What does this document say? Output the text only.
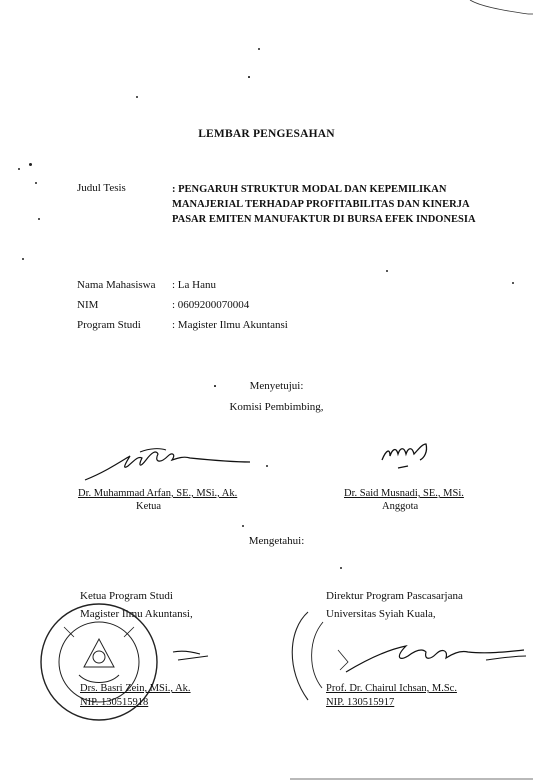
LEMBAR PENGESAHAN
Judul Tesis	: PENGARUH STRUKTUR MODAL DAN KEPEMILIKAN MANAJERIAL TERHADAP PROFITABILITAS DAN KINERJA PASAR EMITEN MANUFAKTUR DI BURSA EFEK INDONESIA
Nama Mahasiswa : La Hanu
NIM	: 0609200070004
Program Studi	: Magister Ilmu Akuntansi
Menyetujui:
Komisi Pembimbing,
Dr. Muhammad Arfan, SE., MSi., Ak.
Ketua
Dr. Said Musnadi, SE., MSi.
Anggota
Mengetahui:
Ketua Program Studi
Magister Ilmu Akuntansi,
Drs. Basri Zein, MSi., Ak.
NIP. 130515918
Direktur Program Pascasarjana
Universitas Syiah Kuala,
Prof. Dr. Chairul Ichsan, M.Sc.
NIP. 130515917
